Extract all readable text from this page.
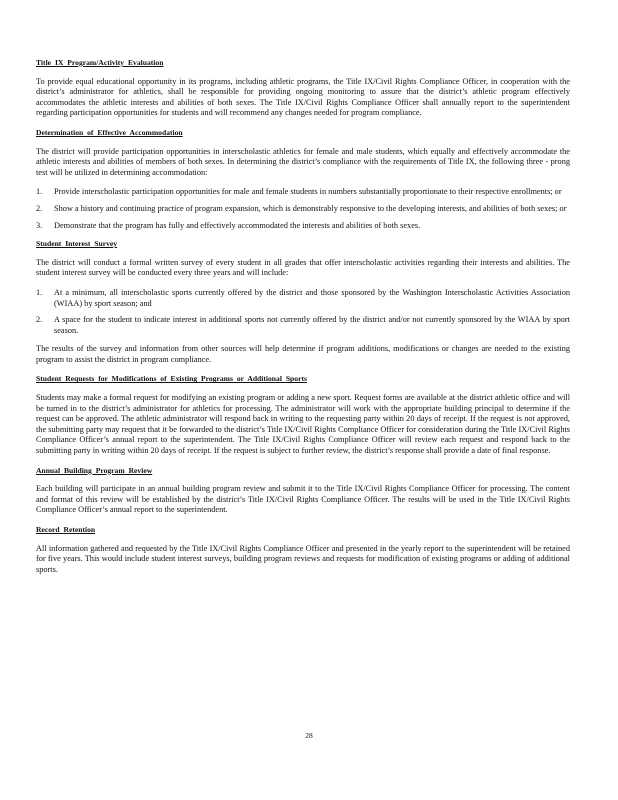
Title IX Program/Activity Evaluation

To provide equal educational opportunity in its programs, including athletic programs, the Title IX/Civil Rights Compliance Officer, in cooperation with the district’s administrator for athletics, shall be responsible for providing ongoing monitoring to assure that the district’s athletic program effectively accommodates the athletic interests and abilities of both sexes. The Title IX/Civil Rights Compliance Officer shall annually report to the superintendent regarding participation opportunities for students and will recommend any changes needed for program compliance.

Determination of Effective Accommodation

The district will provide participation opportunities in interscholastic athletics for female and male students, which equally and effectively accommodate the athletic interests and abilities of members of both sexes. In determining the district’s compliance with the requirements of Title IX, the following three - prong test will be utilized in determining accommodation:

1.	Provide interscholastic participation opportunities for male and female students in numbers substantially proportionate to their respective enrollments; or
2.	Show a history and continuing practice of program expansion, which is demonstrably responsive to the developing interests, and abilities of both sexes; or
3.	Demonstrate that the program has fully and effectively accommodated the interests and abilities of both sexes.
Student Interest Survey

The district will conduct a formal written survey of every student in all grades that offer interscholastic activities regarding their interests and abilities. The student interest survey will be conducted every three years and will include:

1.	At a minimum, all interscholastic sports currently offered by the district and those sponsored by the Washington Interscholastic Activities Association (WIAA) by sport season; and
2.	A space for the student to indicate interest in additional sports not currently offered by the district and/or not currently sponsored by the WIAA by sport season.

The results of the survey and information from other sources will help determine if program additions, modifications or changes are needed to the existing program to assist the district in program compliance.

Student Requests for Modifications of Existing Programs or Additional Sports

Students may make a formal request for modifying an existing program or adding a new sport. Request forms are available at the district athletic office and will be turned in to the district’s administrator for athletics for processing. The administrator will work with the appropriate building principal to determine if the request can be approved. The athletic administrator will respond back in writing to the requesting party within 20 days of receipt. If the request is not approved, the submitting party may request that it be forwarded to the district’s Title IX/Civil Rights Compliance Officer for consideration during the Title IX/Civil Rights Compliance Officer’s annual report to the superintendent. The Title IX/Civil Rights Compliance Officer will review each request and respond back to the submitting party in writing within 20 days of receipt. If the request is subject to further review, the district’s response shall provide a date of final response.

Annual Building Program Review

Each building will participate in an annual building program review and submit it to the Title IX/Civil Rights Compliance Officer for processing. The content and format of this review will be established by the district’s Title IX/Civil Rights Compliance Officer. The results will be used in the Title IX/Civil Rights Compliance Officer’s annual report to the superintendent.

Record Retention

All information gathered and requested by the Title IX/Civil Rights Compliance Officer and presented in the yearly report to the superintendent will be retained for five years. This would include student interest surveys, building program reviews and requests for modification of existing programs or adding of additional sports.

28
